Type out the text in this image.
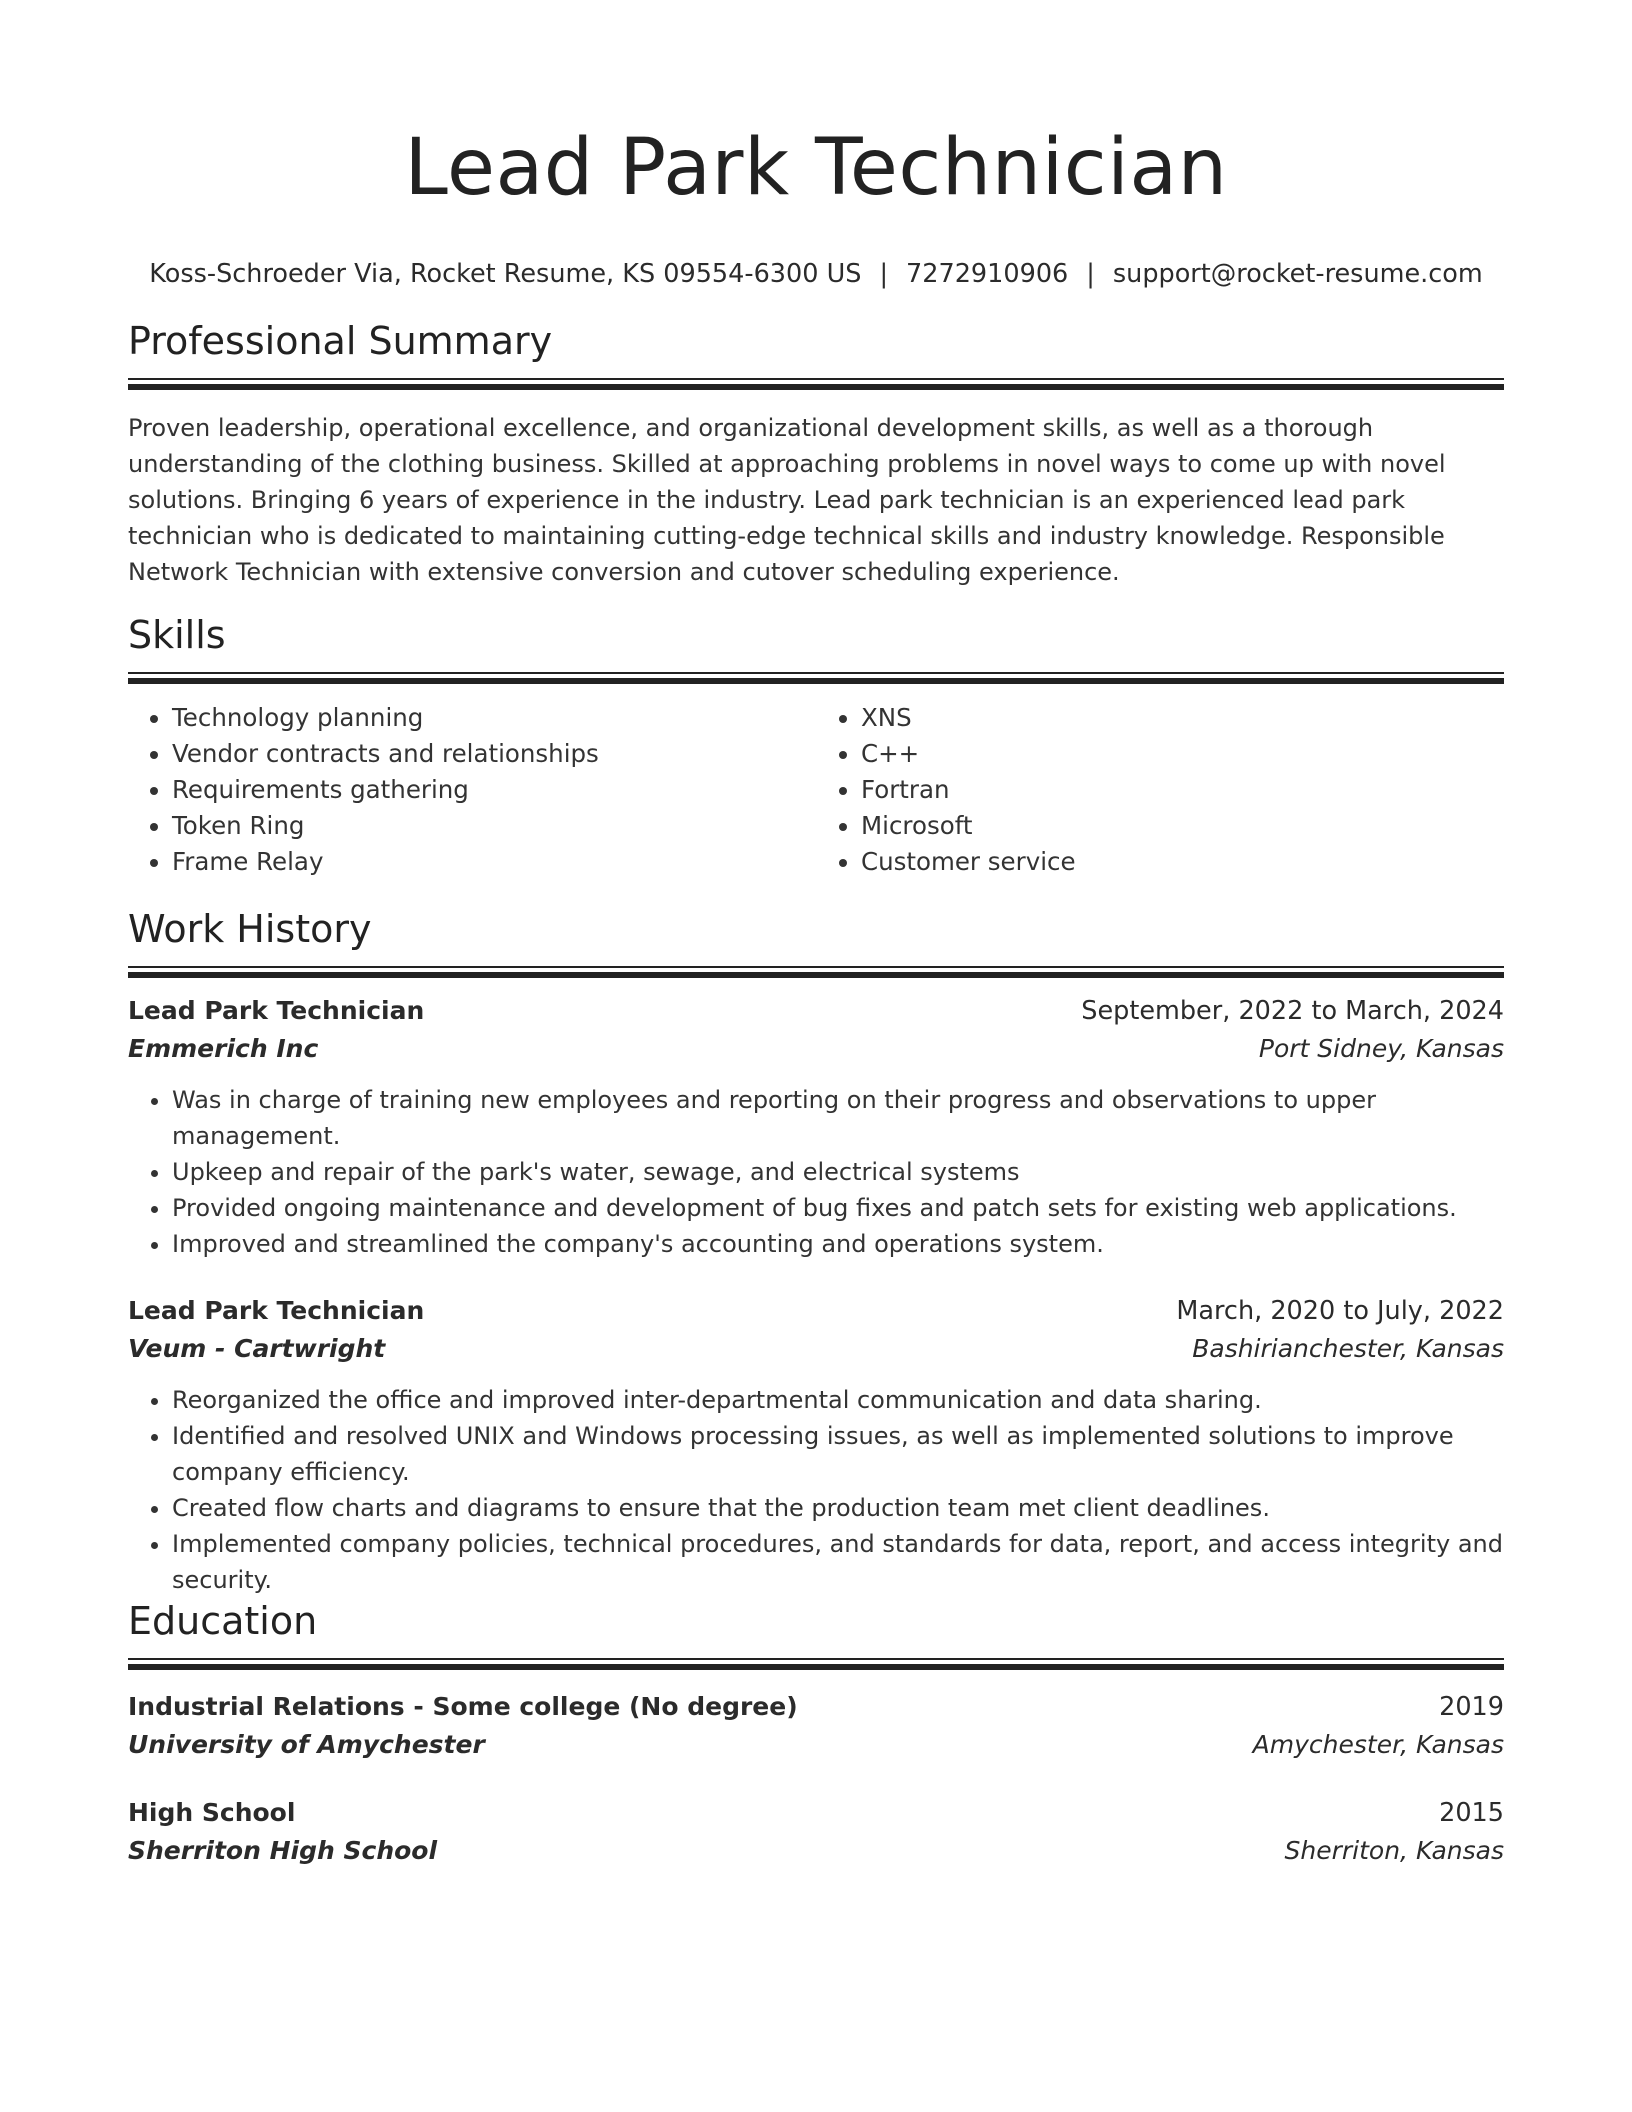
Lead Park Technician
Koss-Schroeder Via, Rocket Resume, KS 09554-6300 US | 7272910906 | support@rocket-resume.com
Professional Summary

Proven leadership, operational excellence, and organizational development skills, as well as a thorough understanding of the clothing business. Skilled at approaching problems in novel ways to come up with novel solutions. Bringing 6 years of experience in the industry. Lead park technician is an experienced lead park technician who is dedicated to maintaining cutting-edge technical skills and industry knowledge. Responsible Network Technician with extensive conversion and cutover scheduling experience.

Skills
• Technology planning
• Vendor contracts and relationships
• Requirements gathering
• Token Ring
• Frame Relay
• XNS
• C++
• Fortran
• Microsoft
• Customer service
Work History
Lead Park Technician	September, 2022 to March, 2024
Emmerich Inc	Port Sidney, Kansas
• Was in charge of training new employees and reporting on their progress and observations to upper management.
• Upkeep and repair of the park's water, sewage, and electrical systems
• Provided ongoing maintenance and development of bug fixes and patch sets for existing web applications.
• Improved and streamlined the company's accounting and operations system.
Lead Park Technician	March, 2020 to July, 2022
Veum - Cartwright	Bashirianchester, Kansas
• Reorganized the office and improved inter-departmental communication and data sharing.
• Identified and resolved UNIX and Windows processing issues, as well as implemented solutions to improve company efficiency.
• Created flow charts and diagrams to ensure that the production team met client deadlines.
• Implemented company policies, technical procedures, and standards for data, report, and access integrity and security.
Education
Industrial Relations - Some college (No degree)	2019
University of Amychester	Amychester, Kansas
High School	2015
Sherriton High School	Sherriton, Kansas
